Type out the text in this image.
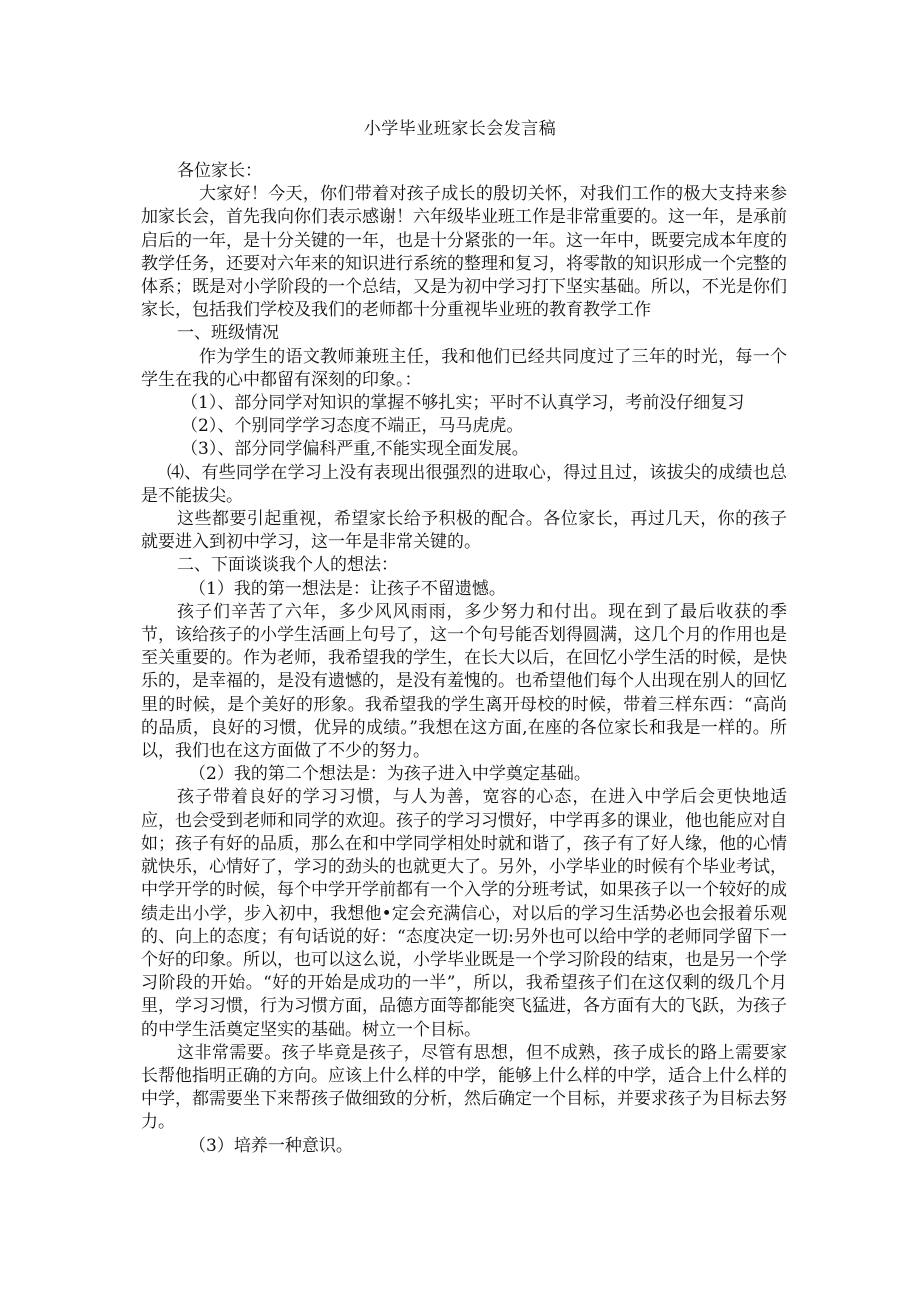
小学毕业班家长会发言稿

各位家长：

大家好！今天，你们带着对孩子成长的殷切关怀，对我们工作的极大支持来参加家长会，首先我向你们表示感谢！六年级毕业班工作是非常重要的。这一年，是承前启后的一年，是十分关键的一年，也是十分紧张的一年。这一年中，既要完成本年度的教学任务，还要对六年来的知识进行系统的整理和复习，将零散的知识形成一个完整的体系；既是对小学阶段的一个总结，又是为初中学习打下坚实基础。所以，不光是你们家长，包括我们学校及我们的老师都十分重视毕业班的教育教学工作

一、班级情况

作为学生的语文教师兼班主任，我和他们已经共同度过了三年的时光，每一个学生在我的心中都留有深刻的印象。：

（1）、部分同学对知识的掌握不够扎实；平时不认真学习，考前没仔细复习

（2）、个别同学学习态度不端正，马马虎虎。

（3）、部分同学偏科严重,不能实现全面发展。

⑷、有些同学在学习上没有表现出很强烈的进取心，得过且过，该拔尖的成绩也总是不能拔尖。

这些都要引起重视，希望家长给予积极的配合。各位家长，再过几天，你的孩子就要进入到初中学习，这一年是非常关键的。

二、下面谈谈我个人的想法：

（1）我的第一想法是：让孩子不留遗憾。

孩子们辛苦了六年，多少风风雨雨，多少努力和付出。现在到了最后收获的季节，该给孩子的小学生活画上句号了，这一个句号能否划得圆满，这几个月的作用也是至关重要的。作为老师，我希望我的学生，在长大以后，在回忆小学生活的时候，是快乐的，是幸福的，是没有遗憾的，是没有羞愧的。也希望他们每个人出现在别人的回忆里的时候，是个美好的形象。我希望我的学生离开母校的时候，带着三样东西：“高尚的品质，良好的习惯，优异的成绩。”我想在这方面,在座的各位家长和我是一样的。所以，我们也在这方面做了不少的努力。

（2）我的第二个想法是：为孩子进入中学奠定基础。

孩子带着良好的学习习惯，与人为善，宽容的心态，在进入中学后会更快地适应，也会受到老师和同学的欢迎。孩子的学习习惯好，中学再多的课业，他也能应对自如；孩子有好的品质，那么在和中学同学相处时就和谐了，孩子有了好人缘，他的心情就快乐，心情好了，学习的劲头的也就更大了。另外，小学毕业的时候有个毕业考试，中学开学的时候，每个中学开学前都有一个入学的分班考试，如果孩子以一个较好的成绩走出小学，步入初中，我想他•定会充满信心，对以后的学习生活势必也会报着乐观的、向上的态度；有句话说的好：“态度决定一切:另外也可以给中学的老师同学留下一个好的印象。所以，也可以这么说，小学毕业既是一个学习阶段的结束，也是另一个学习阶段的开始。“好的开始是成功的一半”，所以，我希望孩子们在这仅剩的级几个月里，学习习惯，行为习惯方面，品德方面等都能突飞猛进，各方面有大的飞跃，为孩子的中学生活奠定坚实的基础。树立一个目标。

这非常需要。孩子毕竟是孩子，尽管有思想，但不成熟，孩子成长的路上需要家长帮他指明正确的方向。应该上什么样的中学，能够上什么样的中学，适合上什么样的中学，都需要坐下来帮孩子做细致的分析，然后确定一个目标，并要求孩子为目标去努力。

（3）培养一种意识。
